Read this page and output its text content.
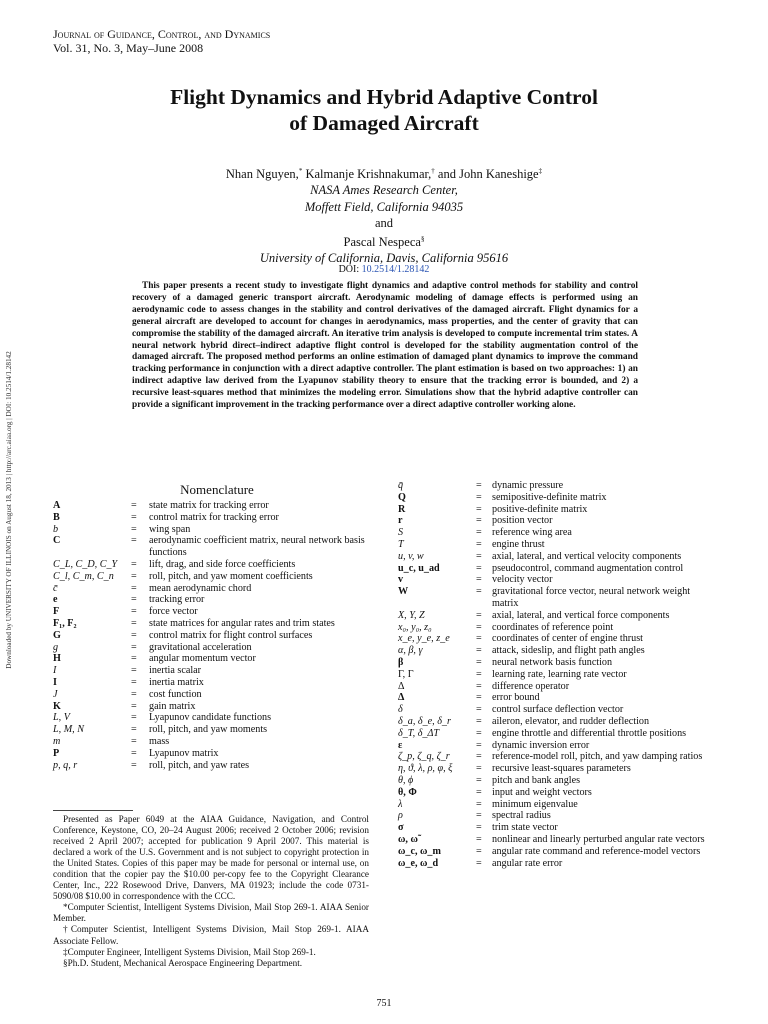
Journal of Guidance, Control, and Dynamics
Vol. 31, No. 3, May–June 2008
Flight Dynamics and Hybrid Adaptive Control
of Damaged Aircraft
Nhan Nguyen,* Kalmanje Krishnakumar,† and John Kaneshige‡
NASA Ames Research Center,
Moffett Field, California 94035
and
Pascal Nespeca§
University of California, Davis, California 95616
DOI: 10.2514/1.28142

This paper presents a recent study to investigate flight dynamics and adaptive control methods for stability and control recovery of a damaged generic transport aircraft. Aerodynamic modeling of damage effects is performed using an aerodynamic code to assess changes in the stability and control derivatives of the damaged aircraft. Flight dynamics for a general aircraft are developed to account for changes in aerodynamics, mass properties, and the center of gravity that can compromise the stability of the damaged aircraft. An iterative trim analysis is developed to compute incremental trim states. A neural network hybrid direct–indirect adaptive flight control is developed for the stability augmentation control of the damaged aircraft. The proposed method performs an online estimation of damaged plant dynamics to improve the command tracking performance in conjunction with a direct adaptive controller. The plant estimation is based on two approaches: 1) an indirect adaptive law derived from the Lyapunov stability theory to ensure that the tracking error is bounded, and 2) a recursive least-squares method that minimizes the modeling error. Simulations show that the hybrid adaptive controller can provide a significant improvement in the tracking performance over a direct adaptive controller working alone.

Downloaded by UNIVERSITY OF ILLINOIS on August 18, 2013 | http://arc.aiaa.org | DOI: 10.2514/1.28142	Nomenclature
A	=	state matrix for tracking error
B	=	control matrix for tracking error
b	=	wing span
C	=	aerodynamic coefficient matrix, neural network basis functions
C_L, C_D, C_Y	=	lift, drag, and side force coefficients
C_l, C_m, C_n	=	roll, pitch, and yaw moment coefficients
c̄	=	mean aerodynamic chord
e	=	tracking error
F	=	force vector
F₁, F₂	=	state matrices for angular rates and trim states
G	=	control matrix for flight control surfaces
g	=	gravitational acceleration
H	=	angular momentum vector
I	=	inertia scalar
I	=	inertia matrix
J	=	cost function
K	=	gain matrix
L, V	=	Lyapunov candidate functions
L, M, N	=	roll, pitch, and yaw moments
m	=	mass
P	=	Lyapunov matrix
p, q, r	=	roll, pitch, and yaw rates
q̄	=	dynamic pressure
Q	=	semipositive-definite matrix
R	=	positive-definite matrix
r	=	position vector
S	=	reference wing area
T	=	engine thrust
u, v, w	=	axial, lateral, and vertical velocity components
u_c, u_ad	=	pseudocontrol, command augmentation control
v	=	velocity vector
W	=	gravitational force vector, neural network weight matrix
X, Y, Z	=	axial, lateral, and vertical force components
x₀, y₀, z₀	=	coordinates of reference point
x_e, y_e, z_e	=	coordinates of center of engine thrust
α, β, γ	=	attack, sideslip, and flight path angles
β	=	neural network basis function
Γ, Γ	=	learning rate, learning rate vector
Δ	=	difference operator
Δ	=	error bound
δ	=	control surface deflection vector
δ_a, δ_e, δ_r	=	aileron, elevator, and rudder deflection
δ_T, δ_ΔT	=	engine throttle and differential throttle positions
ε	=	dynamic inversion error
ζ_p, ζ_q, ζ_r	=	reference-model roll, pitch, and yaw damping ratios
η, ϑ, λ, ρ, φ, ξ	=	recursive least-squares parameters
θ, ϕ	=	pitch and bank angles
θ, Φ	=	input and weight vectors
λ	=	minimum eigenvalue
ρ	=	spectral radius
σ	=	trim state vector
ω, ω̃	=	nonlinear and linearly perturbed angular rate vectors
ω_c, ω_m	=	angular rate command and reference-model vectors
ω_e, ω_d	=	angular rate error

Presented as Paper 6049 at the AIAA Guidance, Navigation, and Control Conference, Keystone, CO, 20–24 August 2006; received 2 October 2006; revision received 2 April 2007; accepted for publication 9 April 2007. This material is declared a work of the U.S. Government and is not subject to copyright protection in the United States. Copies of this paper may be made for personal or internal use, on condition that the copier pay the $10.00 per-copy fee to the Copyright Clearance Center, Inc., 222 Rosewood Drive, Danvers, MA 01923; include the code 0731-5090/08 $10.00 in correspondence with the CCC.

*Computer Scientist, Intelligent Systems Division, Mail Stop 269-1. AIAA Senior Member.

†Computer Scientist, Intelligent Systems Division, Mail Stop 269-1. AIAA Associate Fellow.

‡Computer Engineer, Intelligent Systems Division, Mail Stop 269-1.

§Ph.D. Student, Mechanical Aerospace Engineering Department.

751
